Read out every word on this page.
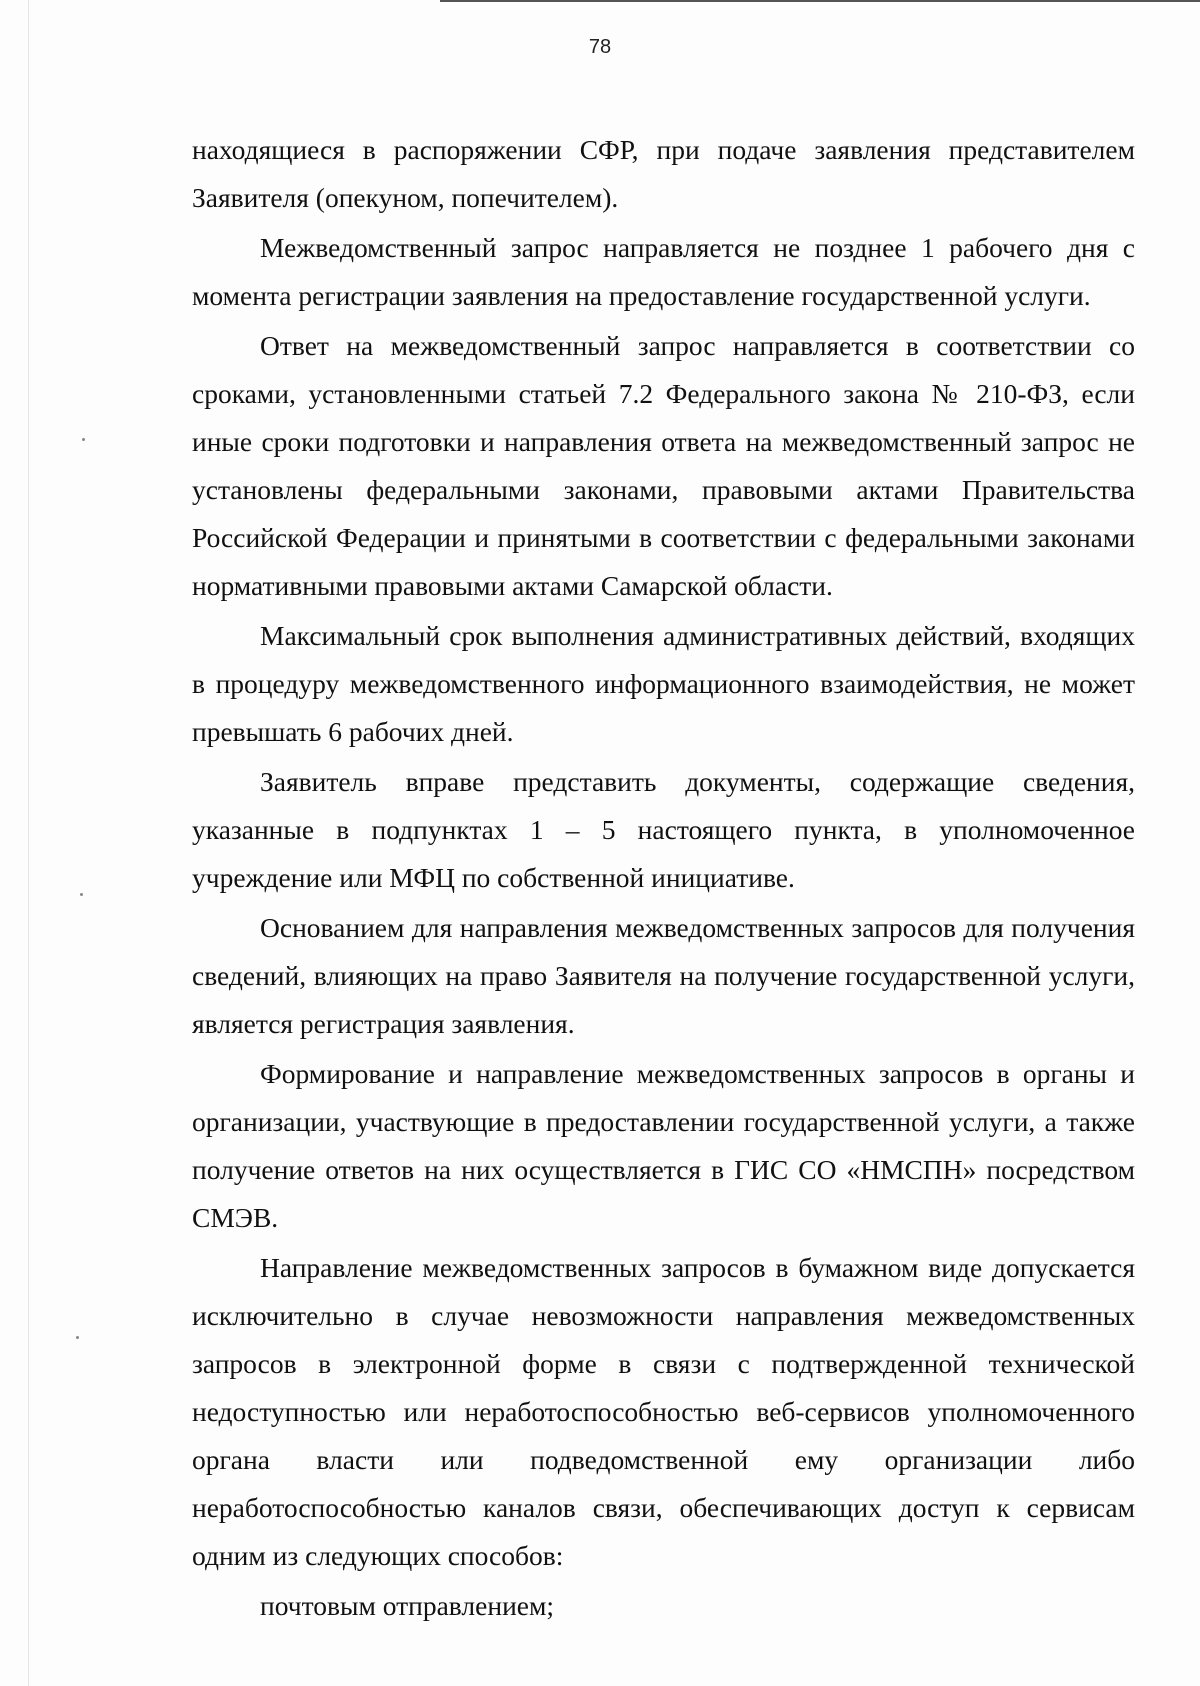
78

находящиеся в распоряжении СФР, при подаче заявления представителем Заявителя (опекуном, попечителем).

Межведомственный запрос направляется не позднее 1 рабочего дня с момента регистрации заявления на предоставление государственной услуги.

Ответ на межведомственный запрос направляется в соответствии со сроками, установленными статьей 7.2 Федерального закона № 210-ФЗ, если иные сроки подготовки и направления ответа на межведомственный запрос не установлены федеральными законами, правовыми актами Правительства Российской Федерации и принятыми в соответствии с федеральными законами нормативными правовыми актами Самарской области.

Максимальный срок выполнения административных действий, входящих в процедуру межведомственного информационного взаимодействия, не может превышать 6 рабочих дней.

Заявитель вправе представить документы, содержащие сведения, указанные в подпунктах 1 – 5 настоящего пункта, в уполномоченное учреждение или МФЦ по собственной инициативе.

Основанием для направления межведомственных запросов для получения сведений, влияющих на право Заявителя на получение государственной услуги, является регистрация заявления.

Формирование и направление межведомственных запросов в органы и организации, участвующие в предоставлении государственной услуги, а также получение ответов на них осуществляется в ГИС СО «НМСПН» посредством СМЭВ.

Направление межведомственных запросов в бумажном виде допускается исключительно в случае невозможности направления межведомственных запросов в электронной форме в связи с подтвержденной технической недоступностью или неработоспособностью веб-сервисов уполномоченного органа власти или подведомственной ему организации либо неработоспособностью каналов связи, обеспечивающих доступ к сервисам одним из следующих способов:

почтовым отправлением;
